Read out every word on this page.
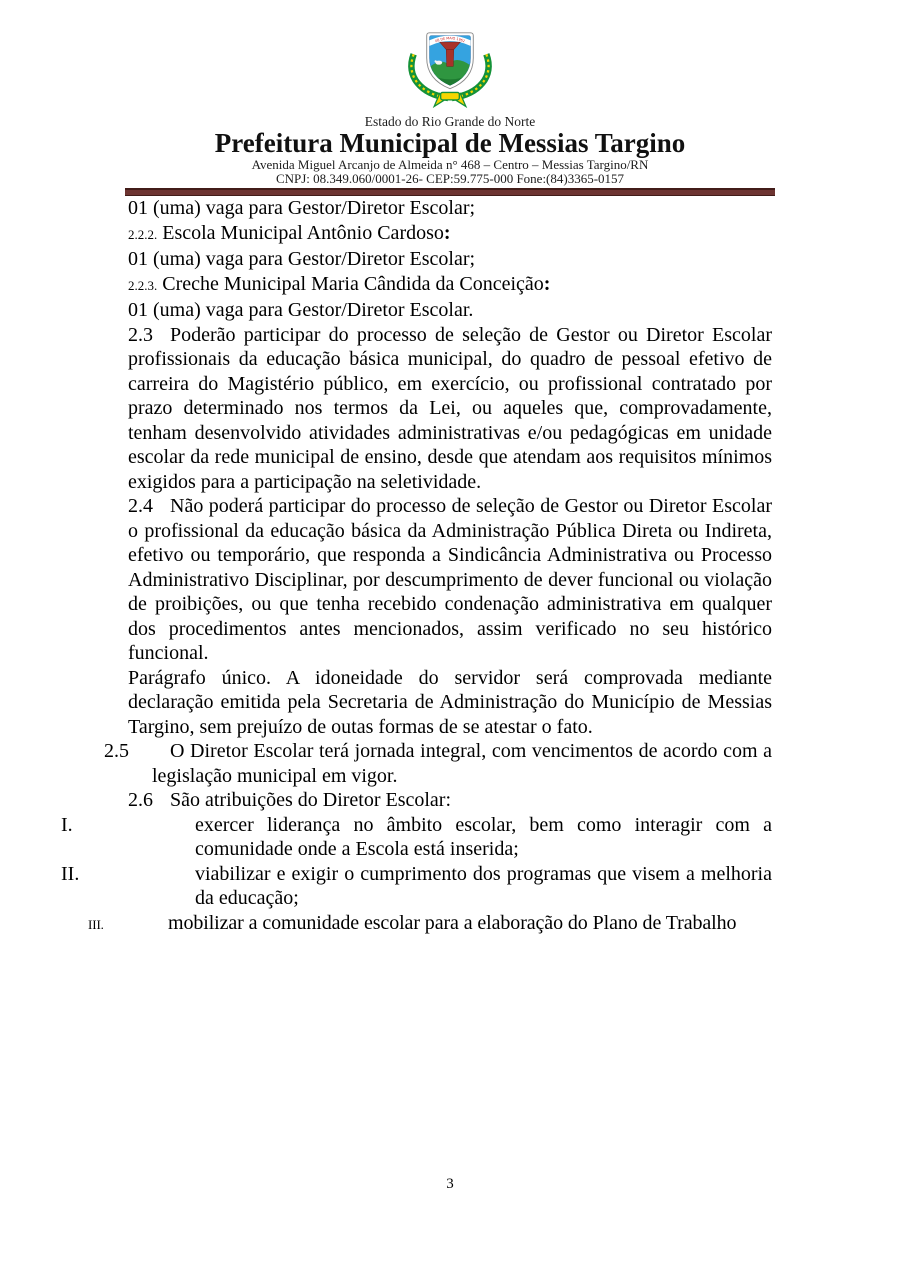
08 DE MAIO 1962
Estado do Rio Grande do Norte
Prefeitura Municipal de Messias Targino
Avenida Miguel Arcanjo de Almeida n° 468 – Centro – Messias Targino/RN
CNPJ: 08.349.060/0001-26- CEP:59.775-000 Fone:(84)3365-0157

01 (uma) vaga para Gestor/Diretor Escolar;

2.2.2. Escola Municipal Antônio Cardoso:

01 (uma) vaga para Gestor/Diretor Escolar;

2.2.3. Creche Municipal Maria Cândida da Conceição:

01 (uma) vaga para Gestor/Diretor Escolar.

2.3 Poderão participar do processo de seleção de Gestor ou Diretor Escolar profissionais da educação básica municipal, do quadro de pessoal efetivo de carreira do Magistério público, em exercício, ou profissional contratado por prazo determinado nos termos da Lei, ou aqueles que, comprovadamente, tenham desenvolvido atividades administrativas e/ou pedagógicas em unidade escolar da rede municipal de ensino, desde que atendam aos requisitos mínimos exigidos para a participação na seletividade.

2.4 Não poderá participar do processo de seleção de Gestor ou Diretor Escolar o profissional da educação básica da Administração Pública Direta ou Indireta, efetivo ou temporário, que responda a Sindicância Administrativa ou Processo Administrativo Disciplinar, por descumprimento de dever funcional ou violação de proibições, ou que tenha recebido condenação administrativa em qualquer dos procedimentos antes mencionados, assim verificado no seu histórico funcional.

Parágrafo único. A idoneidade do servidor será comprovada mediante declaração emitida pela Secretaria de Administração do Município de Messias Targino, sem prejuízo de outas formas de se atestar o fato.

2.5 O Diretor Escolar terá jornada integral, com vencimentos de acordo com a legislação municipal em vigor.

2.6 São atribuições do Diretor Escolar:

I.	exercer liderança no âmbito escolar, bem como interagir com a comunidade onde a Escola está inserida;

II.	viabilizar e exigir o cumprimento dos programas que visem a melhoria da educação;

III.	mobilizar a comunidade escolar para a elaboração do Plano de Trabalho

3
